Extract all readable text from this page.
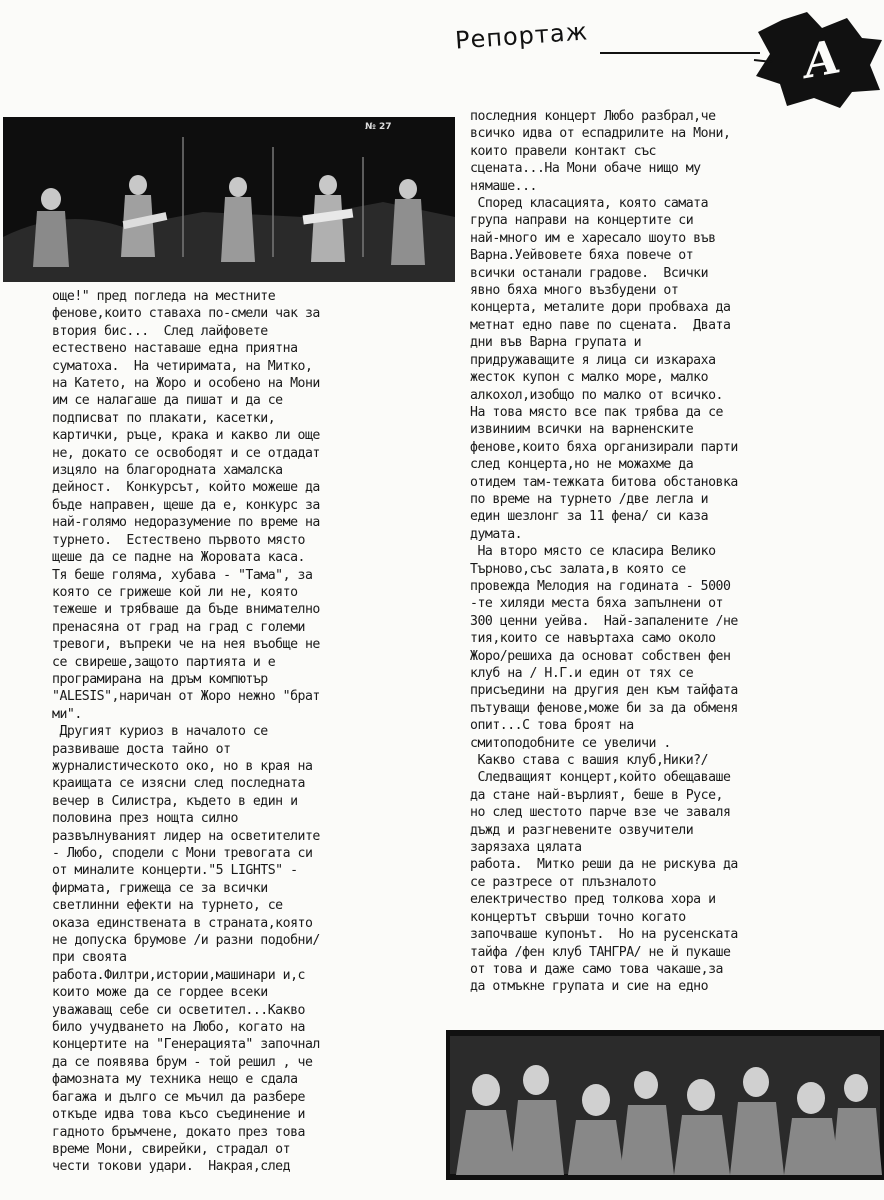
Репортаж	A
№ 27

още!" пред погледа на местните

феновe,които ставаха по-смели чак за

втория бис...  След лайфовете

естествено наставаше една приятна

суматоха.  На четиримата, на Митко,

на Катето, на Жоро и особено на Мони

им се налагаше да пишат и да се

подписват по плакати, касетки,

картички, ръце, крака и какво ли още

не, докато се освободят и се отдадат

изцяло на благородната хамалска

дейност.  Конкурсът, който можеше да

бъде направен, щеше да е, конкурс за

най-голямо недоразумение по време на

турнето.  Естествено първото място

щеше да се падне на Жоровата каса.

Тя беше голяма, хубава - "Тама", за

която се грижеше кой ли не, която

тежеше и трябваше да бъде внимателно

пренасяна от град на град с големи

тревоги, въпреки че на нея въобще не

се свиреше,защото партията и е

програмирана на дръм компютър

"ALESIS",наричан от Жоро нежно "брат

ми".

Другият куриоз в началото се

развиваше доста тайно от

журналистическото око, но в края на

краищата се изясни след последната

вечер в Силистра, където в един и

половина през нощта силно

развълнуваният лидер на осветителите

- Любо, сподели с Мони тревогата си

от миналите концерти."5 LIGHTS" -

фирмата, грижеща се за всички

светлинни ефекти на турнето, се

оказа единствената в страната,която

не допуска брумове /и разни подобни/

при своята

работа.Филтри,истории,машинари и,с

които може да се гордее всеки

уважаващ себе си осветител...Какво

било учудването на Любо, когато на

концертите на "Генерацията" започнал

да се появява брум - той решил , че

фамозната му техника нещо е сдала

багажа и дълго се мъчил да разбере

откъде идва това късо съединение и

гадното бръмчене, докато през това

време Мони, свирейки, страдал от

чести токови удари.  Накрая,след

последния концерт Любо разбрал,че

всичко идва от еспадрилите на Мони,

които правели контакт със

сцената...На Мони обаче нищо му

нямаше...

Според класацията, която самата

група направи на концертите си

най-много им е харесало шоуто във

Варна.Уейвовете бяха повече от

всички останали градове.  Всички

явно бяха много възбудени от

концерта, металите дори пробваха да

метнат едно паве по сцената.  Двата

дни във Варна групата и

придружаващите я лица си изкараха

жесток купон с малко море, малко

алкохол,изобщо по малко от всичко.

На това място все пак трябва да се

извиниим всички на варненските

фенове,които бяха организирали парти

след концерта,но не можахме да

отидем там-тежката битова обстановка

по време на турнето /две легла и

един шезлонг за 11 фена/ си каза

думата.

На второ място се класира Велико

Търново,със залата,в която се

провежда Мелодия на годината - 5000

-те хиляди места бяха запълнени от

300 ценни уейва.  Най-запалените /не

тия,които се навъртаха само около

Жоро/решиха да основат собствен фен

клуб на / Н.Г.и един от тях се

присъедини на другия ден към тайфата

пътуващи фенове,може би за да обменя

опит...С това броят на

смитоподобните се увеличи .

Какво става с вашия клуб,Ники?/

Следващият концерт,който обещаваше

да стане най-върлият, беше в Русе,

но след шестото парче взе че заваля

дъжд и разгневените озвучители

зарязаха цялата

работа.  Митко реши да не рискува да

се разтресе от плъзналото

електричество пред толкова хора и

концертът свърши точно когато

започваше купонът.  Но на русенската

тайфа /фен клуб ТАНГРА/ не й пукаше

от това и даже само това чакаше,за

да отмъкне групата и сие на едно
